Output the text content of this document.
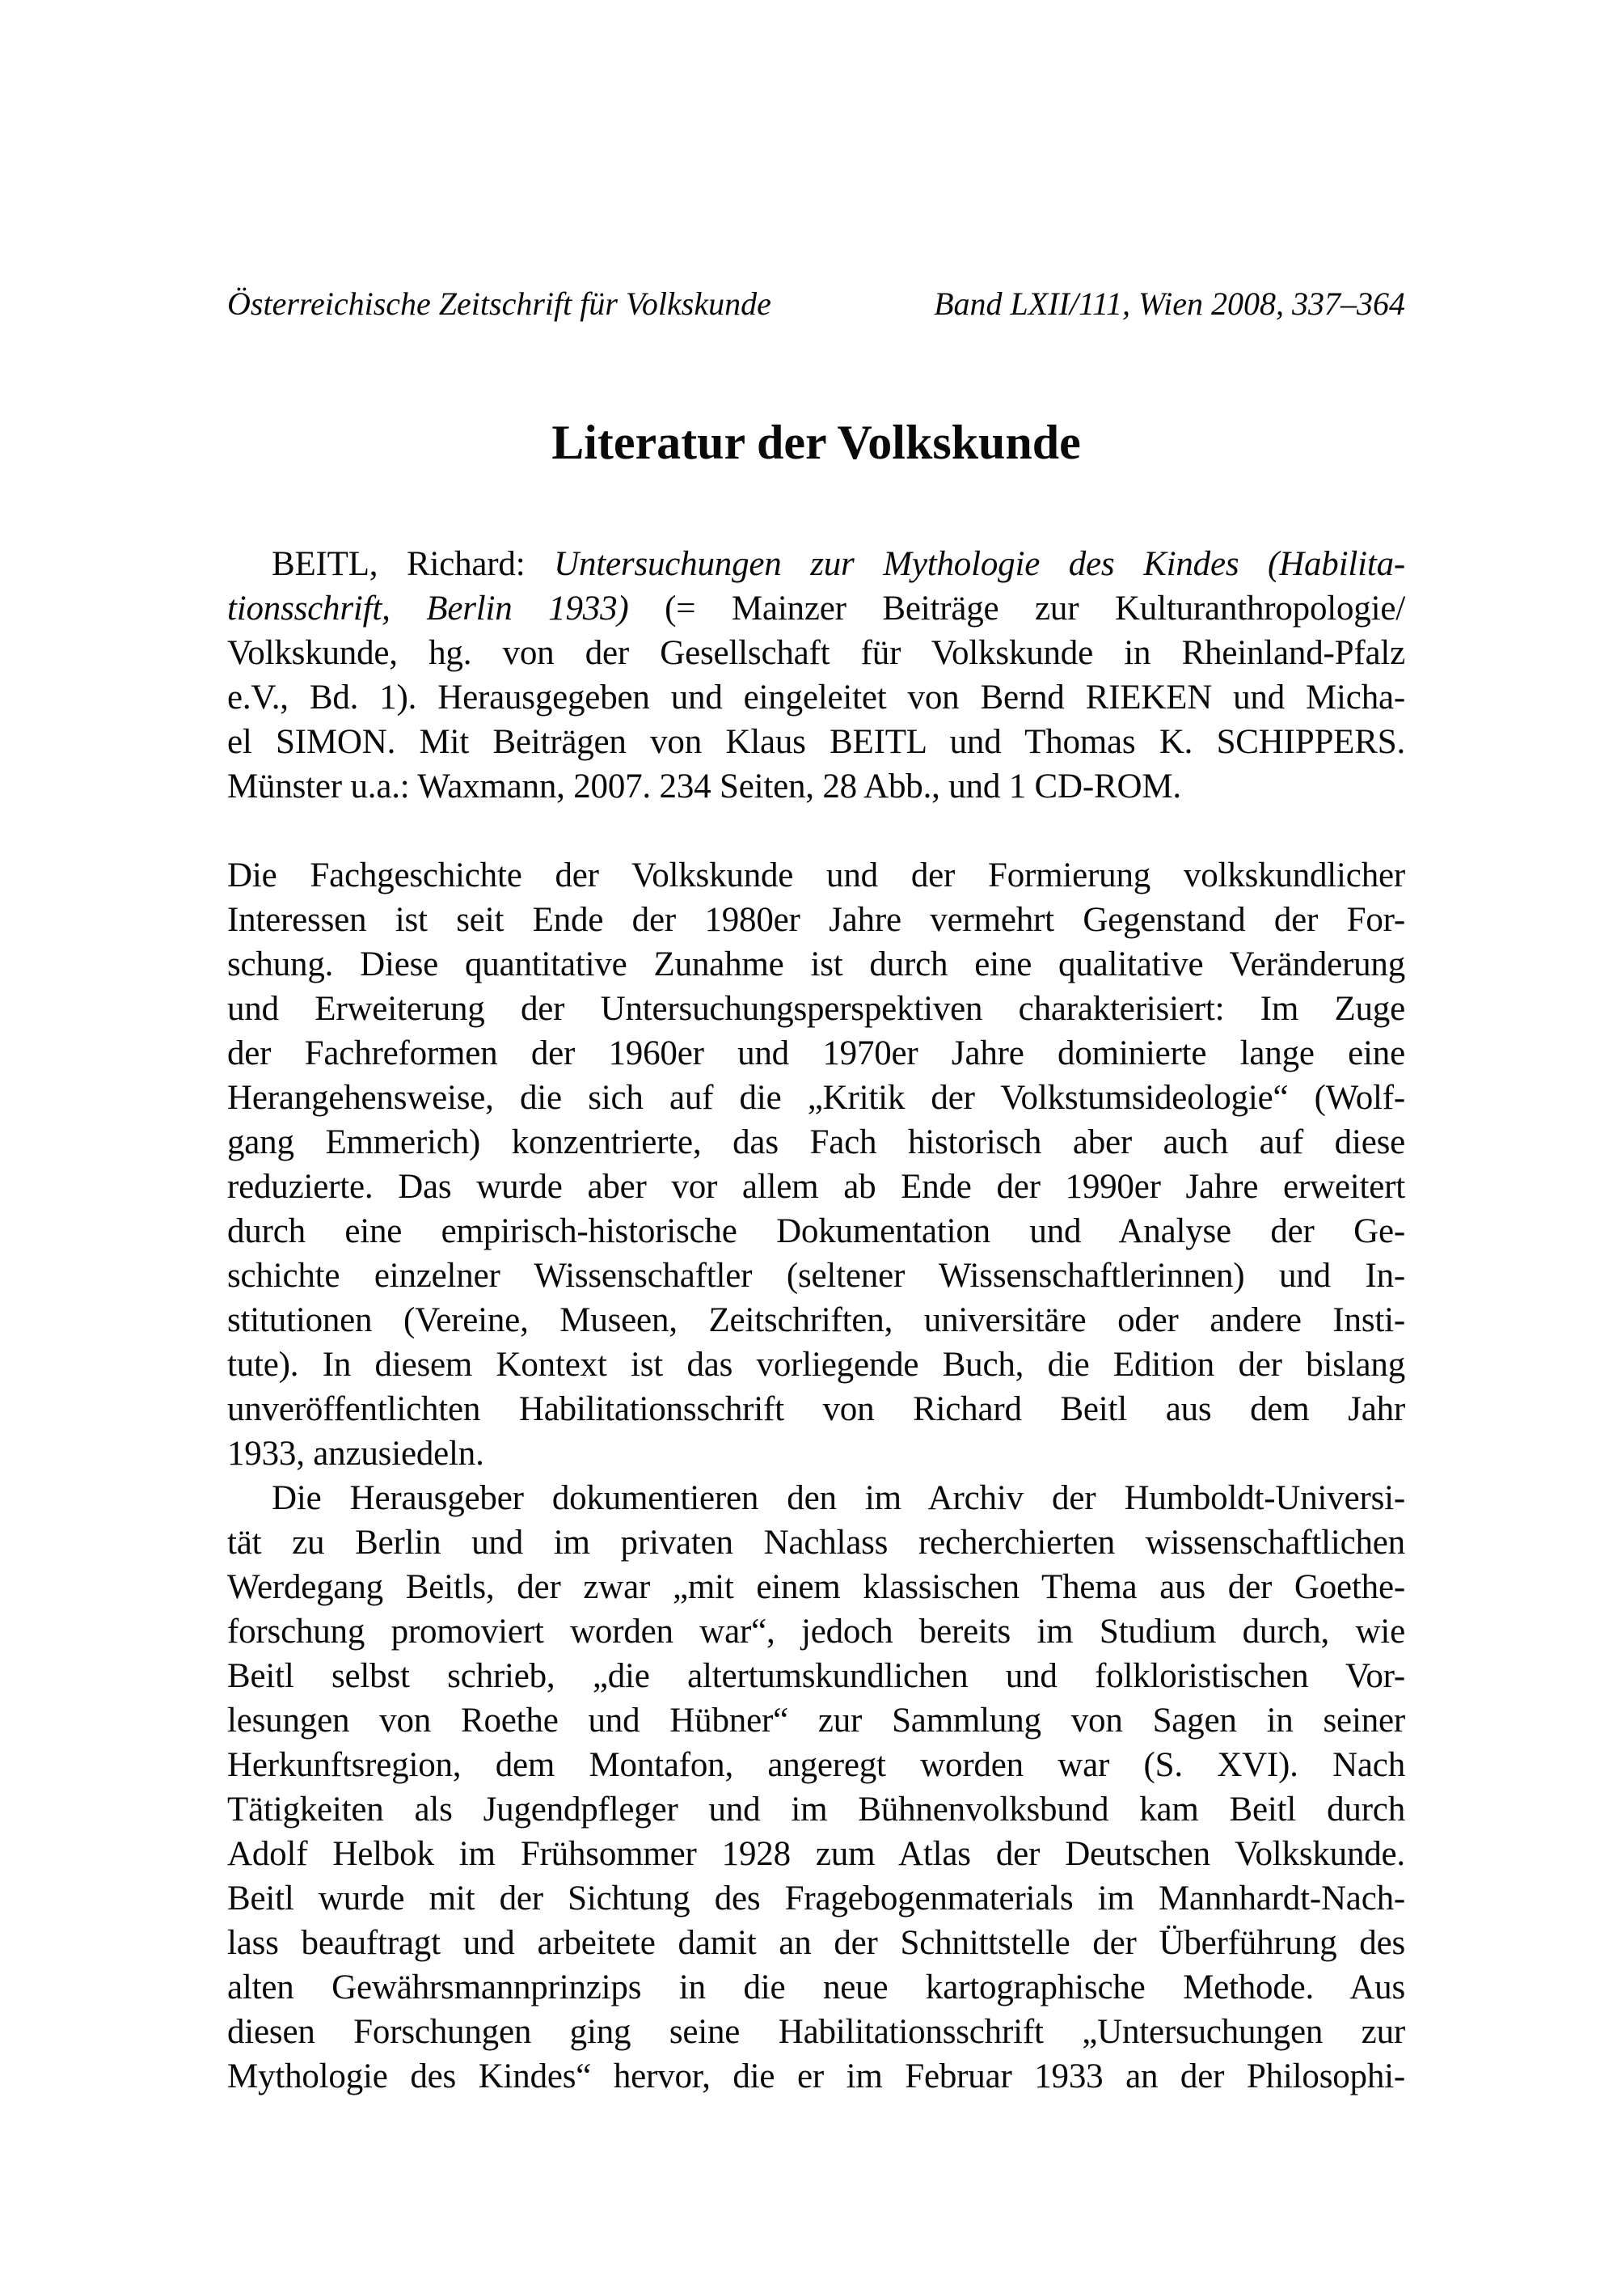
Österreichische Zeitschrift für Volkskunde	Band LXII/111, Wien 2008, 337–364
Literatur der Volkskunde
BEITL, Richard: Untersuchungen zur Mythologie des Kindes (Habilita-
tionsschrift, Berlin 1933) (= Mainzer Beiträge zur Kulturanthropologie/
Volkskunde, hg. von der Gesellschaft für Volkskunde in Rheinland-Pfalz
e.V., Bd. 1). Herausgegeben und eingeleitet von Bernd RIEKEN und Micha-
el SIMON. Mit Beiträgen von Klaus BEITL und Thomas K. SCHIPPERS.
Münster u.a.: Waxmann, 2007. 234 Seiten, 28 Abb., und 1 CD-ROM.
Die Fachgeschichte der Volkskunde und der Formierung volkskundlicher
Interessen ist seit Ende der 1980er Jahre vermehrt Gegenstand der For-
schung. Diese quantitative Zunahme ist durch eine qualitative Veränderung
und Erweiterung der Untersuchungsperspektiven charakterisiert: Im Zuge
der Fachreformen der 1960er und 1970er Jahre dominierte lange eine
Herangehensweise, die sich auf die „Kritik der Volkstumsideologie“ (Wolf-
gang Emmerich) konzentrierte, das Fach historisch aber auch auf diese
reduzierte. Das wurde aber vor allem ab Ende der 1990er Jahre erweitert
durch eine empirisch-historische Dokumentation und Analyse der Ge-
schichte einzelner Wissenschaftler (seltener Wissenschaftlerinnen) und In-
stitutionen (Vereine, Museen, Zeitschriften, universitäre oder andere Insti-
tute). In diesem Kontext ist das vorliegende Buch, die Edition der bislang
unveröffentlichten Habilitationsschrift von Richard Beitl aus dem Jahr
1933, anzusiedeln.
Die Herausgeber dokumentieren den im Archiv der Humboldt-Universi-
tät zu Berlin und im privaten Nachlass recherchierten wissenschaftlichen
Werdegang Beitls, der zwar „mit einem klassischen Thema aus der Goethe-
forschung promoviert worden war“, jedoch bereits im Studium durch, wie
Beitl selbst schrieb, „die altertumskundlichen und folkloristischen Vor-
lesungen von Roethe und Hübner“ zur Sammlung von Sagen in seiner
Herkunftsregion, dem Montafon, angeregt worden war (S. XVI). Nach
Tätigkeiten als Jugendpfleger und im Bühnenvolksbund kam Beitl durch
Adolf Helbok im Frühsommer 1928 zum Atlas der Deutschen Volkskunde.
Beitl wurde mit der Sichtung des Fragebogenmaterials im Mannhardt-Nach-
lass beauftragt und arbeitete damit an der Schnittstelle der Überführung des
alten Gewährsmannprinzips in die neue kartographische Methode. Aus
diesen Forschungen ging seine Habilitationsschrift „Untersuchungen zur
Mythologie des Kindes“ hervor, die er im Februar 1933 an der Philosophi-
